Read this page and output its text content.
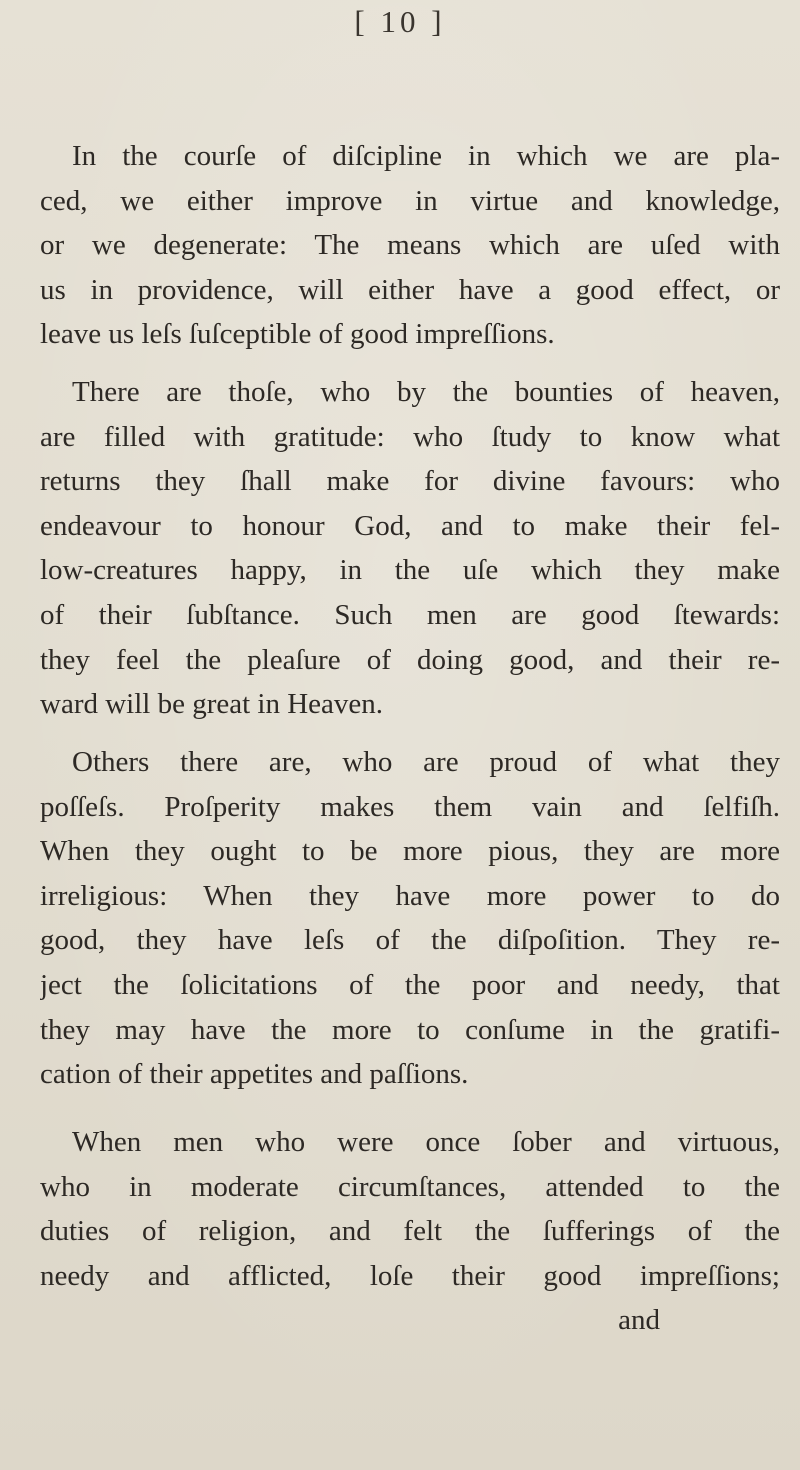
[ 10 ]
In the courſe of diſcipline in which we are pla-
ced, we either improve in virtue and knowledge,
or we degenerate: The means which are uſed with
us in providence, will either have a good effect, or
leave us leſs ſuſceptible of good impreſſions.
There are thoſe, who by the bounties of heaven,
are filled with gratitude: who ſtudy to know what
returns they ſhall make for divine favours: who
endeavour to honour God, and to make their fel-
low-creatures happy, in the uſe which they make
of their ſubſtance. Such men are good ſtewards:
they feel the pleaſure of doing good, and their re-
ward will be great in Heaven.
Others there are, who are proud of what they
poſſeſs. Proſperity makes them vain and ſelfiſh.
When they ought to be more pious, they are more
irreligious: When they have more power to do
good, they have leſs of the diſpoſition. They re-
ject the ſolicitations of the poor and needy, that
they may have the more to conſume in the gratifi-
cation of their appetites and paſſions.
When men who were once ſober and virtuous,
who in moderate circumſtances, attended to the
duties of religion, and felt the ſufferings of the
needy and afflicted, loſe their good impreſſions;
and
